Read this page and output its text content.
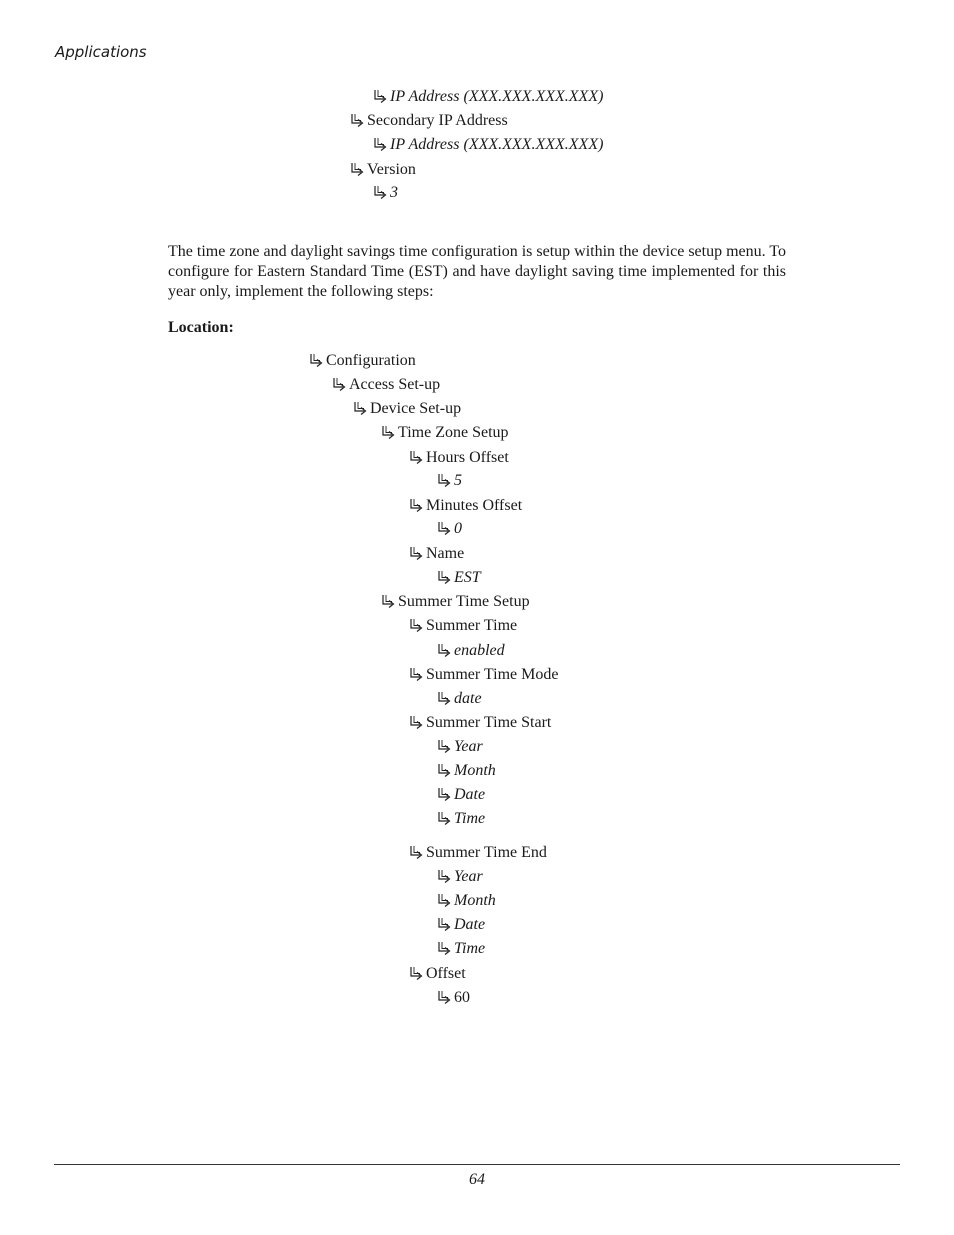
Applications
IP Address (XXX.XXX.XXX.XXX)
Secondary IP Address
IP Address (XXX.XXX.XXX.XXX)
Version
3
The time zone and daylight savings time configuration is setup within the device setup menu. To configure for Eastern Standard Time (EST) and have daylight saving time implemented for this year only, implement the following steps:
Location:
Configuration
Access Set-up
Device Set-up
Time Zone Setup
Hours Offset
5
Minutes Offset
0
Name
EST
Summer Time Setup
Summer Time
enabled
Summer Time Mode
date
Summer Time Start
Year
Month
Date
Time
Summer Time End
Year
Month
Date
Time
Offset
60
64
